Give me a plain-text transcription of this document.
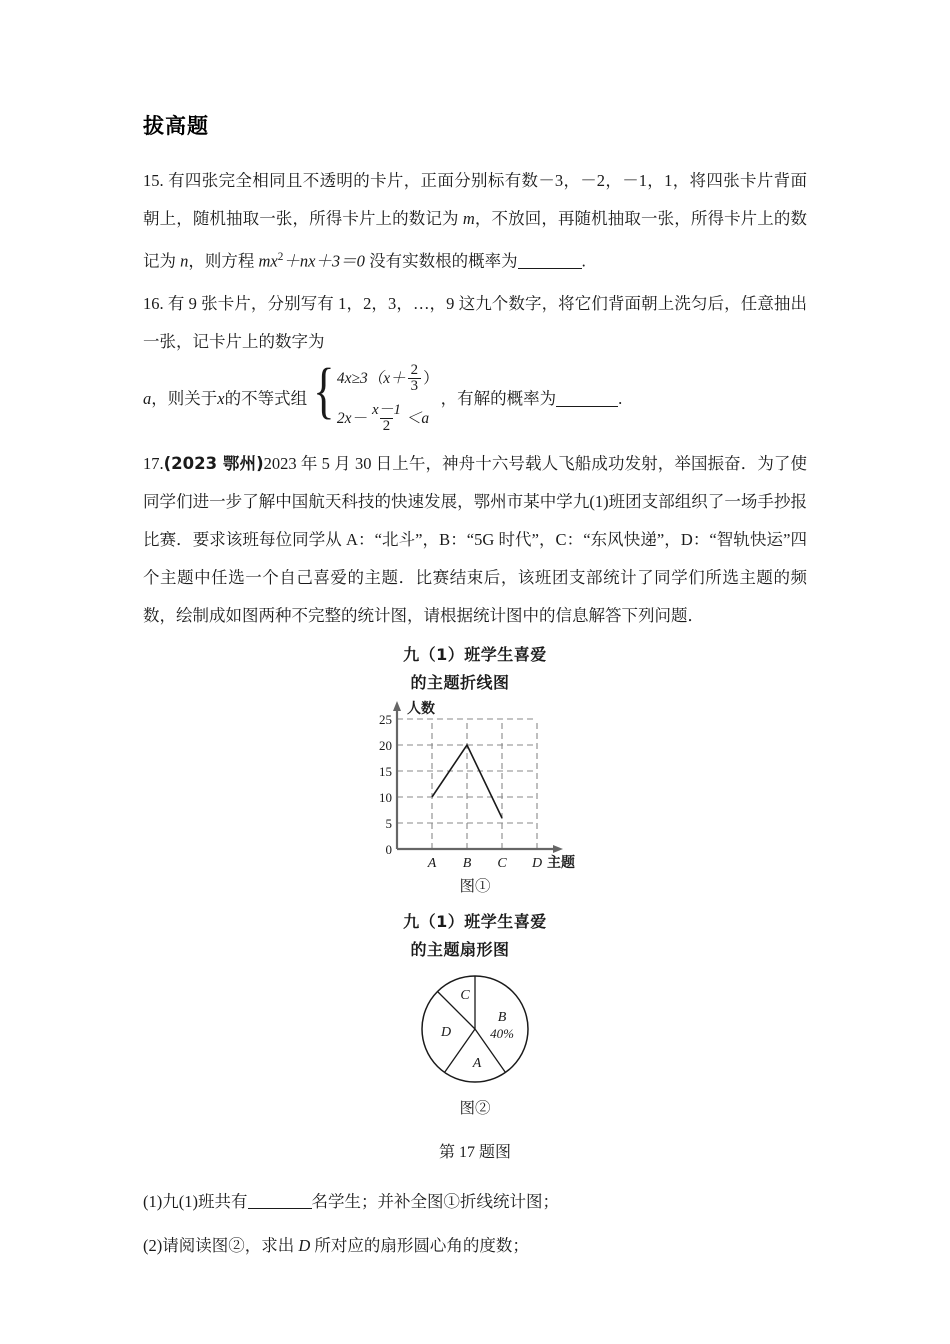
拔高题

15. 有四张完全相同且不透明的卡片，正面分别标有数－3，－2，－1，1，将四张卡片背面朝上，随机抽取一张，所得卡片上的数记为 m，不放回，再随机抽取一张，所得卡片上的数记为 n，则方程 $mx^2+nx+3=0$ 没有实数根的概率为	.

16. 有 9 张卡片，分别写有 1，2，3，…，9 这九个数字，将它们背面朝上洗匀后，任意抽出一张，记卡片上的数字为

a ，则关于 x 的不等式组 { $4x\ge 3(x+ \frac{2}{3}$ ）
$2x- \frac{x-1}{2} <a$
，有解的概率为	.

17.(2023 鄂州)2023 年 5 月 30 日上午，神舟十六号载人飞船成功发射，举国振奋．为了使同学们进一步了解中国航天科技的快速发展，鄂州市某中学九(1)班团支部组织了一场手抄报比赛．要求该班每位同学从 A：“北斗”，B：“5G 时代”，C：“东风快递”，D：“智轨快运”四个主题中任选一个自己喜爱的主题．比赛结束后，该班团支部统计了同学们所选主题的频数，绘制成如图两种不完整的统计图，请根据统计图中的信息解答下列问题．

九（1）班学生喜爱
的主题折线图
0
5
10
15
20
25
人数
主题
A B C D
图①
九（1）班学生喜爱
的主题扇形图
B
40%
A
D
C
图②
第 17 题图

(1)九(1)班共有	名学生；并补全图①折线统计图；

(2)请阅读图②，求出 D 所对应的扇形圆心角的度数；
